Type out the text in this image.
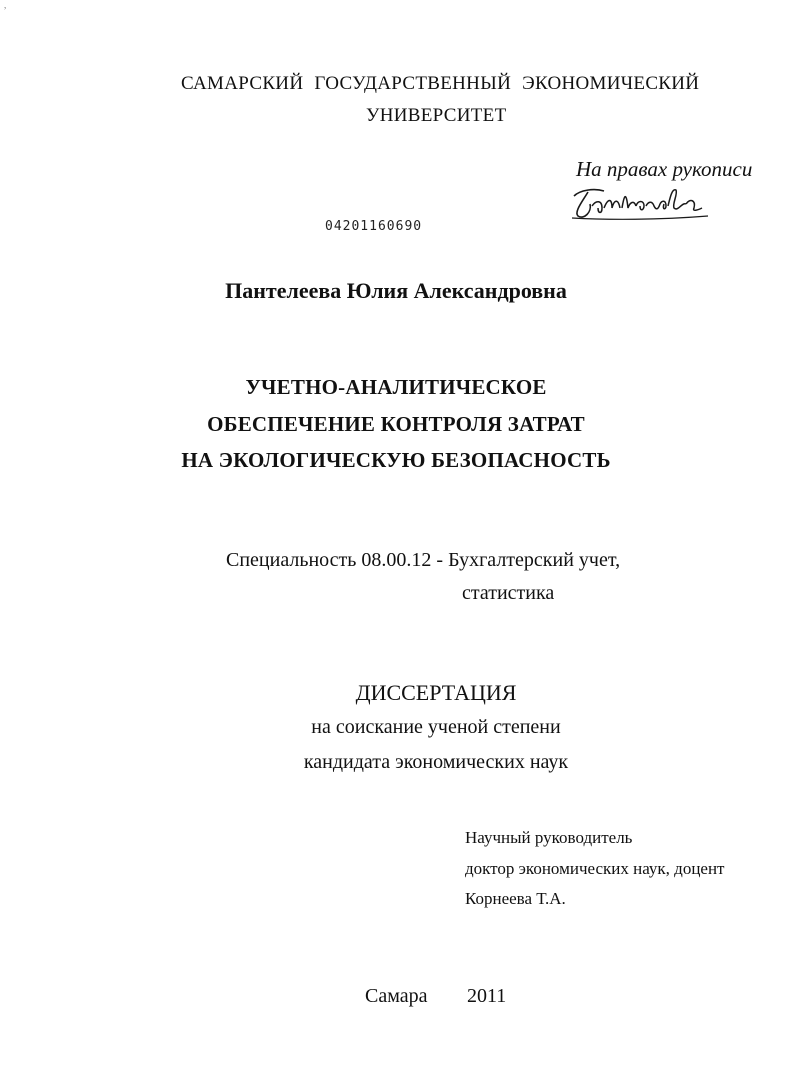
,
САМАРСКИЙ ГОСУДАРСТВЕННЫЙ ЭКОНОМИЧЕСКИЙ
УНИВЕРСИТЕТ
На правах рукописи
04201160690
Пантелеева Юлия Александровна
УЧЕТНО-АНАЛИТИЧЕСКОЕ
ОБЕСПЕЧЕНИЕ КОНТРОЛЯ ЗАТРАТ
НА ЭКОЛОГИЧЕСКУЮ БЕЗОПАСНОСТЬ
Специальность 08.00.12 - Бухгалтерский учет,
статистика
ДИССЕРТАЦИЯ
на соискание ученой степени
кандидата экономических наук
Научный руководитель
доктор экономических наук, доцент
Корнеева Т.А.
Самара 2011
